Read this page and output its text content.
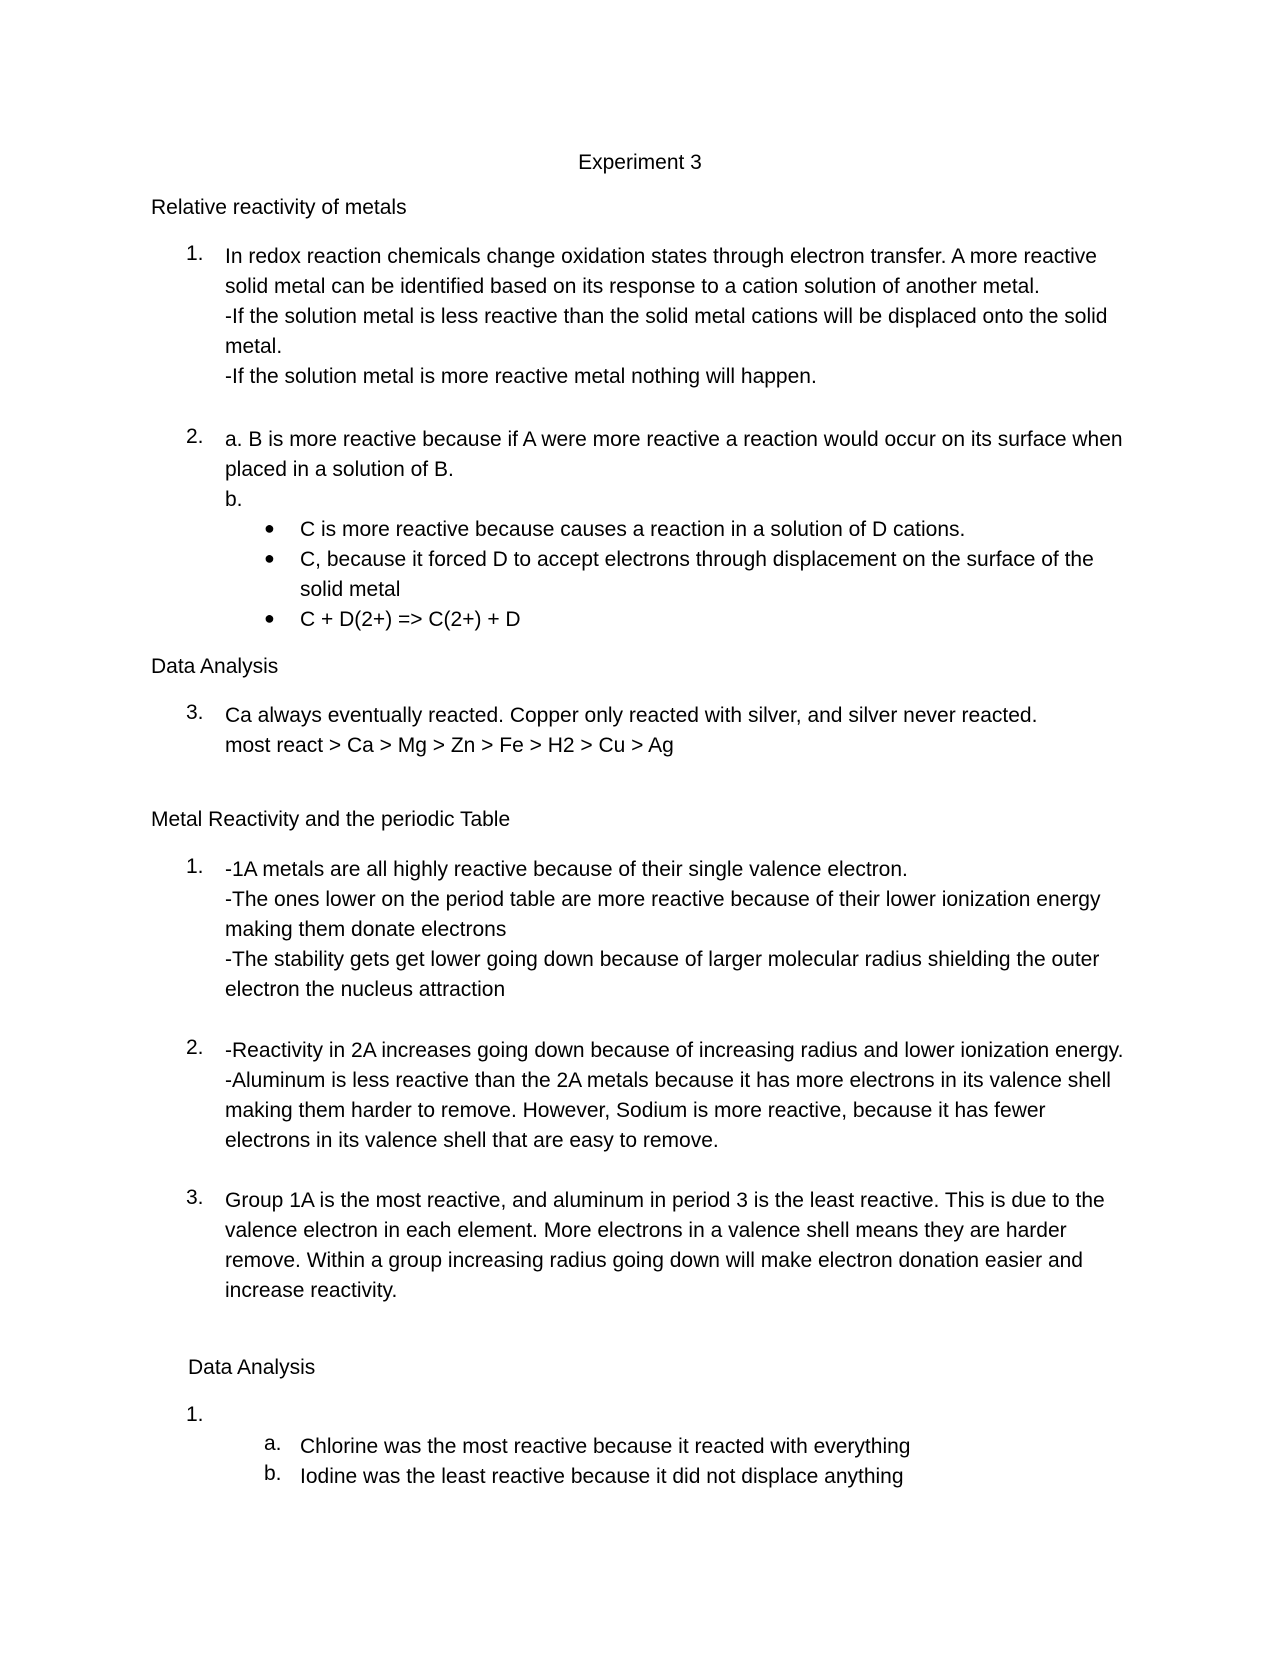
Experiment 3
Relative reactivity of metals
1. In redox reaction chemicals change oxidation states through electron transfer. A more reactive
solid metal can be identified based on its response to a cation solution of another metal.
-If the solution metal is less reactive than the solid metal cations will be displaced onto the solid
metal.
-If the solution metal is more reactive metal nothing will happen.
2. a. B is more reactive because if A were more reactive a reaction would occur on its surface when
placed in a solution of B.
b.
● C is more reactive because causes a reaction in a solution of D cations.
● C, because it forced D to accept electrons through displacement on the surface of the
solid metal
● C + D(2+) => C(2+) + D
Data Analysis
3. Ca always eventually reacted. Copper only reacted with silver, and silver never reacted.
most react > Ca > Mg > Zn > Fe > H2 > Cu > Ag
Metal Reactivity and the periodic Table
1. -1A metals are all highly reactive because of their single valence electron.
-The ones lower on the period table are more reactive because of their lower ionization energy
making them donate electrons
-The stability gets get lower going down because of larger molecular radius shielding the outer
electron the nucleus attraction
2. -Reactivity in 2A increases going down because of increasing radius and lower ionization energy.
-Aluminum is less reactive than the 2A metals because it has more electrons in its valence shell
making them harder to remove. However, Sodium is more reactive, because it has fewer
electrons in its valence shell that are easy to remove.
3. Group 1A is the most reactive, and aluminum in period 3 is the least reactive. This is due to the
valence electron in each element. More electrons in a valence shell means they are harder
remove. Within a group increasing radius going down will make electron donation easier and
increase reactivity.
Data Analysis
1.
a. Chlorine was the most reactive because it reacted with everything
b. Iodine was the least reactive because it did not displace anything
